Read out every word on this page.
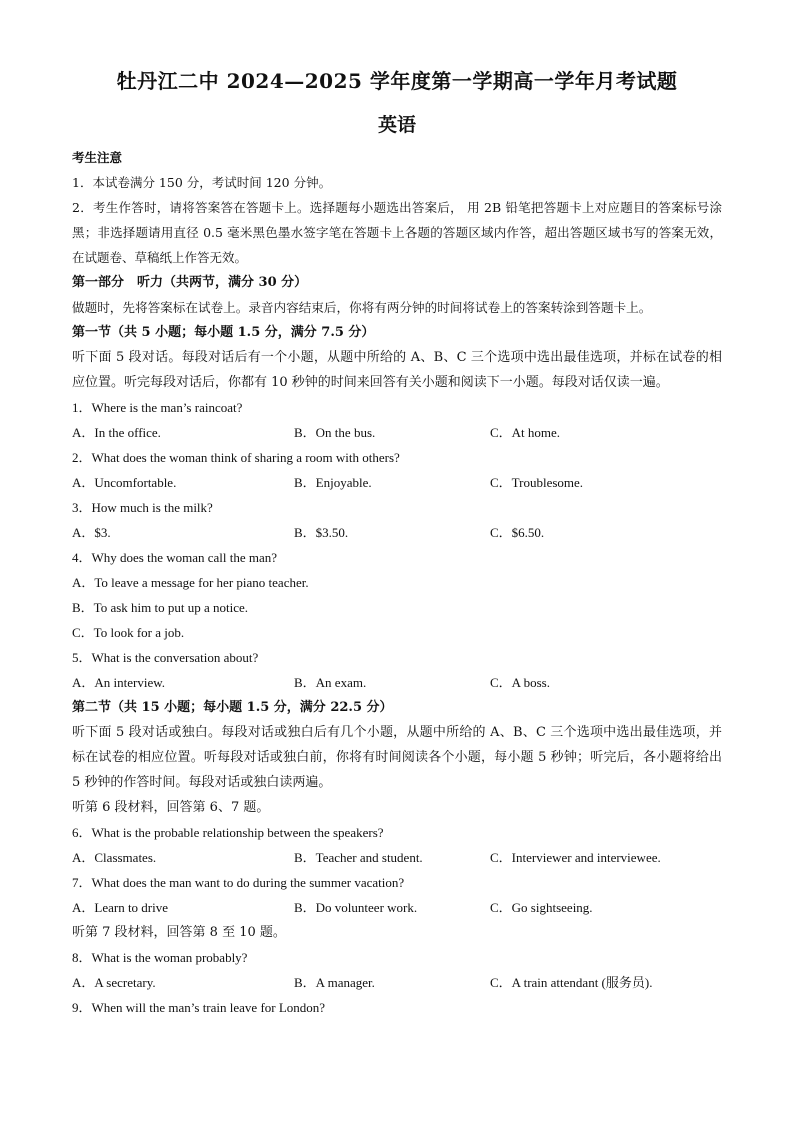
牡丹江二中 2024—2025 学年度第一学期高一学年月考试题
英语

考生注意

1．本试卷满分 150 分，考试时间 120 分钟。

2．考生作答时，请将答案答在答题卡上。选择题每小题选出答案后， 用 2B 铅笔把答题卡上对应题目的答案标号涂黑；非选择题请用直径 0.5 毫米黑色墨水签字笔在答题卡上各题的答题区域内作答，超出答题区域书写的答案无效，在试题卷、草稿纸上作答无效。

第一部分　听力（共两节，满分 30 分）

做题时，先将答案标在试卷上。录音内容结束后，你将有两分钟的时间将试卷上的答案转涂到答题卡上。

第一节（共 5 小题；每小题 1.5 分，满分 7.5 分）

听下面 5 段对话。每段对话后有一个小题，从题中所给的 A、B、C 三个选项中选出最佳选项，并标在试卷的相应位置。听完每段对话后，你都有 10 秒钟的时间来回答有关小题和阅读下一小题。每段对话仅读一遍。

1．Where is the man’s raincoat?

A．In the office.	B．On the bus.	C．At home.

2．What does the woman think of sharing a room with others?

A．Uncomfortable.	B．Enjoyable.	C．Troublesome.

3．How much is the milk?

A．$3.	B．$3.50.	C．$6.50.

4．Why does the woman call the man?

A．To leave a message for her piano teacher.

B．To ask him to put up a notice.

C．To look for a job.

5．What is the conversation about?

A．An interview.	B．An exam.	C．A boss.

第二节（共 15 小题；每小题 1.5 分，满分 22.5 分）

听下面 5 段对话或独白。每段对话或独白后有几个小题，从题中所给的 A、B、C 三个选项中选出最佳选项，并标在试卷的相应位置。听每段对话或独白前，你将有时间阅读各个小题，每小题 5 秒钟；听完后，各小题将给出 5 秒钟的作答时间。每段对话或独白读两遍。

听第 6 段材料，回答第 6、7 题。

6．What is the probable relationship between the speakers?

A．Classmates.	B．Teacher and student.	C．Interviewer and interviewee.

7．What does the man want to do during the summer vacation?

A．Learn to drive	B．Do volunteer work.	C．Go sightseeing.

听第 7 段材料，回答第 8 至 10 题。

8．What is the woman probably?

A．A secretary.	B．A manager.	C．A train attendant (服务员).

9．When will the man’s train leave for London?
